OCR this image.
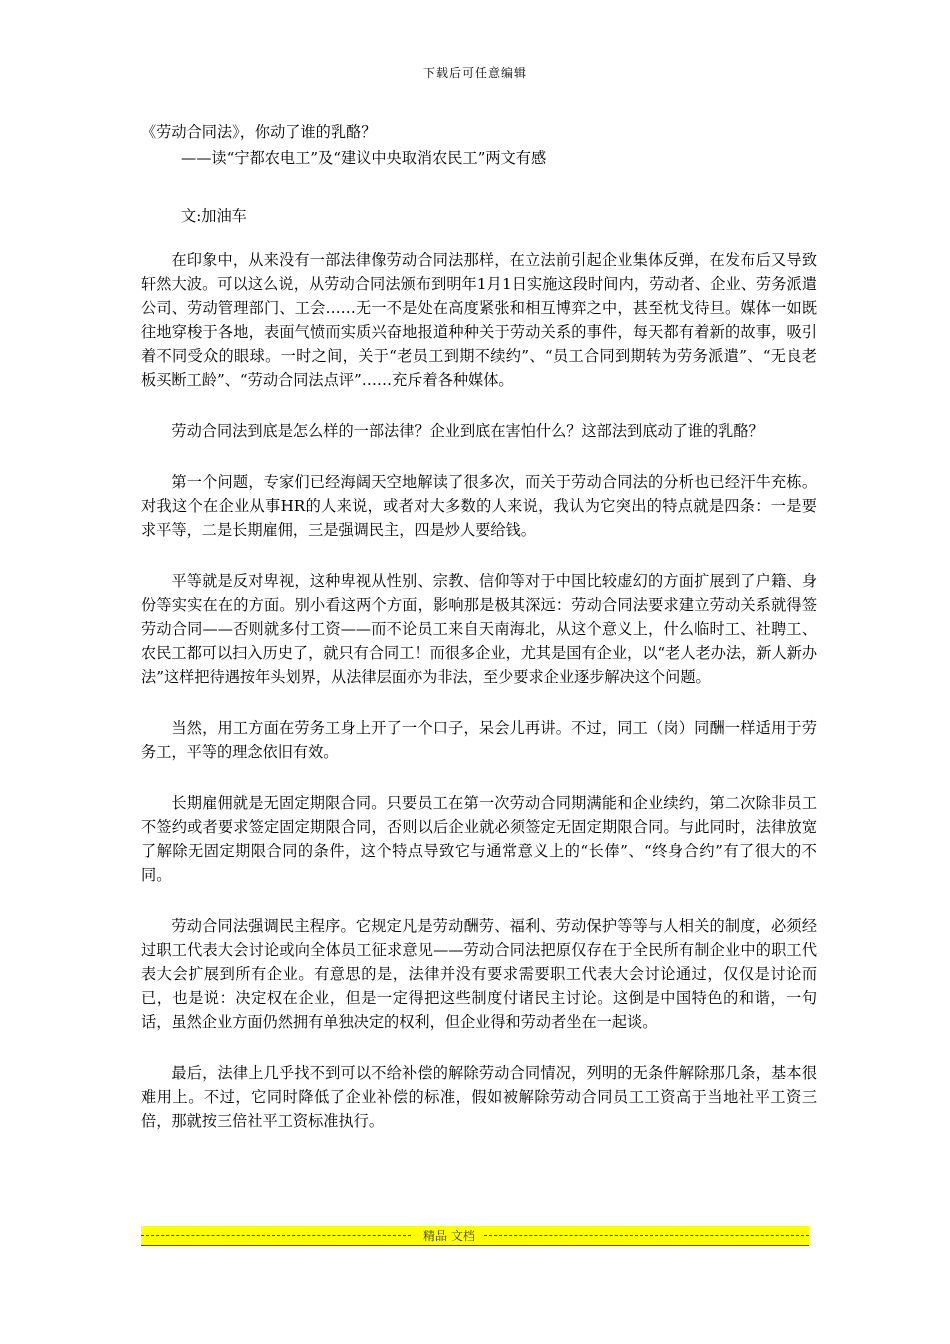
下载后可任意编辑
《劳动合同法》，你动了谁的乳酪？
——读“宁都农电工”及“建议中央取消农民工”两文有感
文:加油车

在印象中，从来没有一部法律像劳动合同法那样，在立法前引起企业集体反弹，在发布后又导致轩然大波。可以这么说，从劳动合同法颁布到明年1月1日实施这段时间内，劳动者、企业、劳务派遣公司、劳动管理部门、工会……无一不是处在高度紧张和相互博弈之中，甚至枕戈待旦。媒体一如既往地穿梭于各地，表面气愤而实质兴奋地报道种种关于劳动关系的事件，每天都有着新的故事，吸引着不同受众的眼球。一时之间，关于“老员工到期不续约”、“员工合同到期转为劳务派遣”、“无良老板买断工龄”、“劳动合同法点评”……充斥着各种媒体。

劳动合同法到底是怎么样的一部法律？企业到底在害怕什么？这部法到底动了谁的乳酪？

第一个问题，专家们已经海阔天空地解读了很多次，而关于劳动合同法的分析也已经汗牛充栋。对我这个在企业从事HR的人来说，或者对大多数的人来说，我认为它突出的特点就是四条：一是要求平等，二是长期雇佣，三是强调民主，四是炒人要给钱。

平等就是反对卑视，这种卑视从性别、宗教、信仰等对于中国比较虚幻的方面扩展到了户籍、身份等实实在在的方面。别小看这两个方面，影响那是极其深远：劳动合同法要求建立劳动关系就得签劳动合同——否则就多付工资——而不论员工来自天南海北，从这个意义上，什么临时工、社聘工、农民工都可以扫入历史了，就只有合同工！而很多企业，尤其是国有企业，以“老人老办法，新人新办法”这样把待遇按年头划界，从法律层面亦为非法，至少要求企业逐步解决这个问题。

当然，用工方面在劳务工身上开了一个口子，呆会儿再讲。不过，同工（岗）同酬一样适用于劳务工，平等的理念依旧有效。

长期雇佣就是无固定期限合同。只要员工在第一次劳动合同期满能和企业续约，第二次除非员工不签约或者要求签定固定期限合同，否则以后企业就必须签定无固定期限合同。与此同时，法律放宽了解除无固定期限合同的条件，这个特点导致它与通常意义上的“长俸”、“终身合约”有了很大的不同。

劳动合同法强调民主程序。它规定凡是劳动酬劳、福利、劳动保护等等与人相关的制度，必须经过职工代表大会讨论或向全体员工征求意见——劳动合同法把原仅存在于全民所有制企业中的职工代表大会扩展到所有企业。有意思的是，法律并没有要求需要职工代表大会讨论通过，仅仅是讨论而已，也是说：决定权在企业，但是一定得把这些制度付诸民主讨论。这倒是中国特色的和谐，一句话，虽然企业方面仍然拥有单独决定的权利，但企业得和劳动者坐在一起谈。

最后，法律上几乎找不到可以不给补偿的解除劳动合同情况，列明的无条件解除那几条，基本很难用上。不过，它同时降低了企业补偿的标准，假如被解除劳动合同员工工资高于当地社平工资三倍，那就按三倍社平工资标准执行。

精品 文档
